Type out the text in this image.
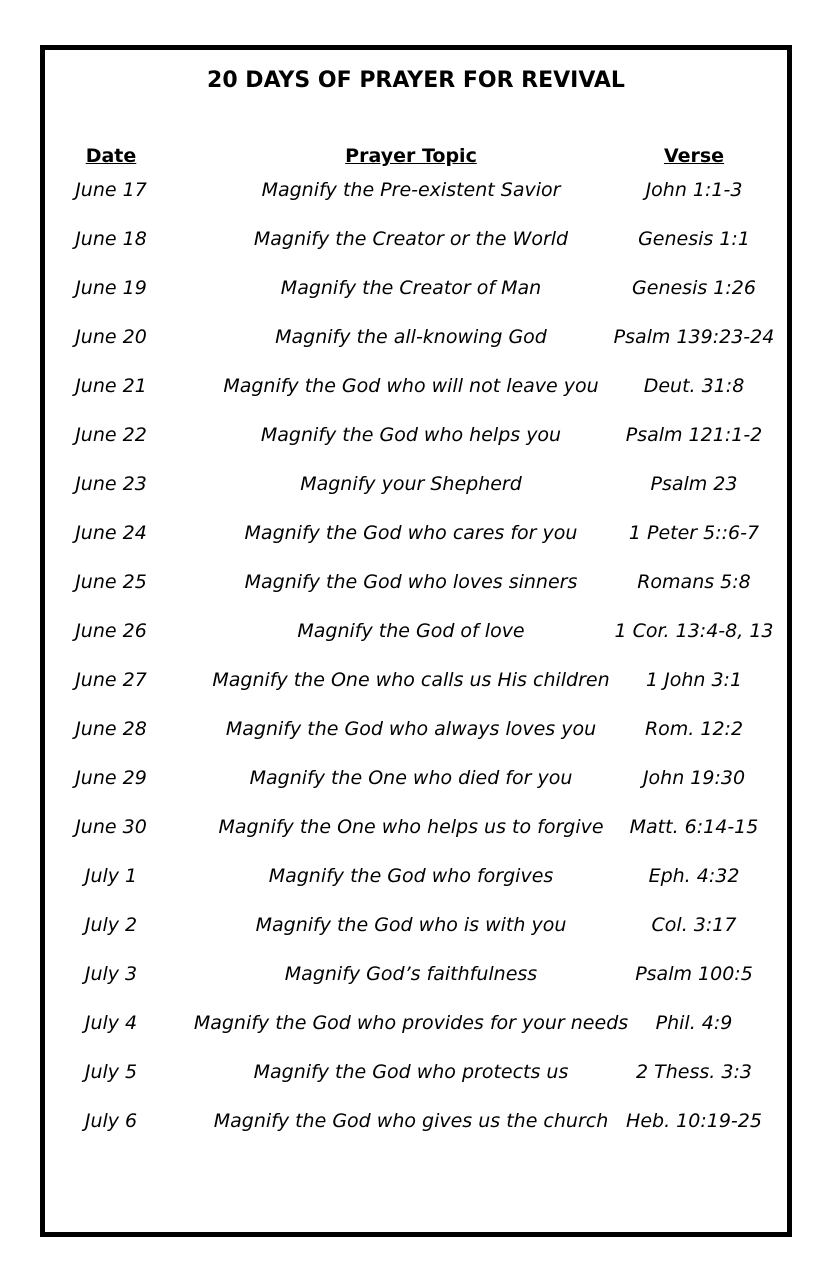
20 DAYS OF PRAYER FOR REVIVAL
Date	Prayer Topic	Verse
June 17	Magnify the Pre-existent Savior	John 1:1-3
June 18	Magnify the Creator or the World	Genesis 1:1
June 19	Magnify the Creator of Man	Genesis 1:26
June 20	Magnify the all-knowing God	Psalm 139:23-24
June 21	Magnify the God who will not leave you	Deut. 31:8
June 22	Magnify the God who helps you	Psalm 121:1-2
June 23	Magnify your Shepherd	Psalm 23
June 24	Magnify the God who cares for you	1 Peter 5::6-7
June 25	Magnify the God who loves sinners	Romans 5:8
June 26	Magnify the God of love	1 Cor. 13:4-8, 13
June 27	Magnify the One who calls us His children	1 John 3:1
June 28	Magnify the God who always loves you	Rom. 12:2
June 29	Magnify the One who died for you	John 19:30
June 30	Magnify the One who helps us to forgive	Matt. 6:14-15
July 1	Magnify the God who forgives	Eph. 4:32
July 2	Magnify the God who is with you	Col. 3:17
July 3	Magnify God’s faithfulness	Psalm 100:5
July 4	Magnify the God who provides for your needs	Phil. 4:9
July 5	Magnify the God who protects us	2 Thess. 3:3
July 6	Magnify the God who gives us the church Heb. 10:19-25
